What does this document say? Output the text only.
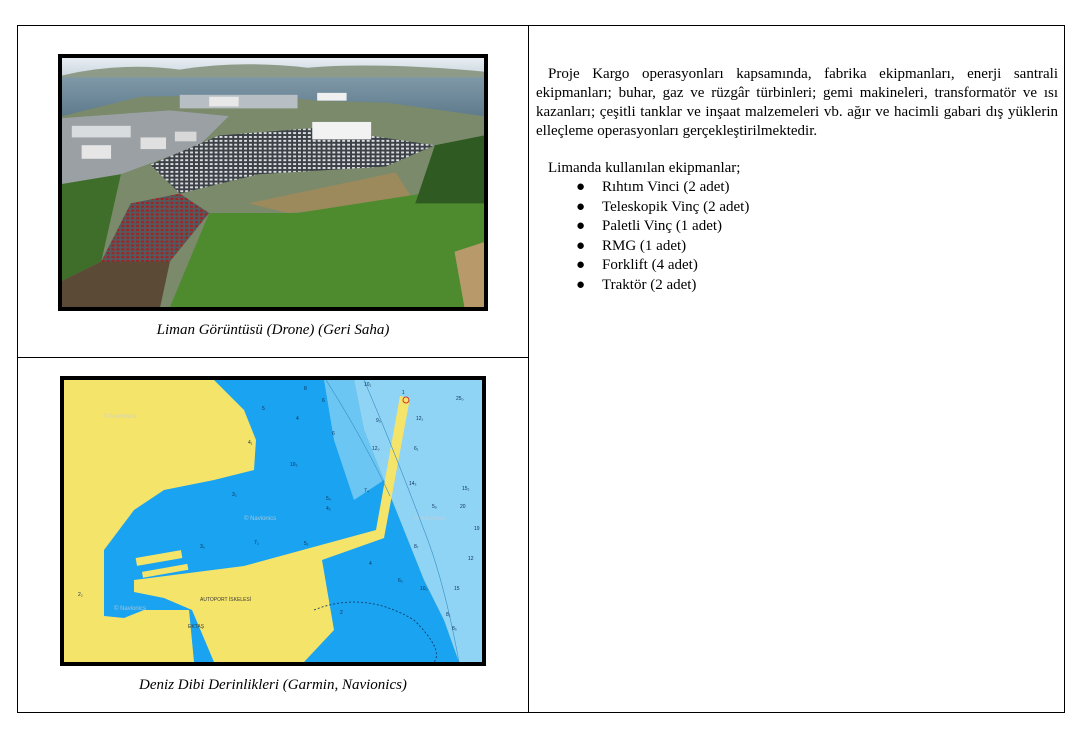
Liman Görüntüsü (Drone) (Geri Saha)
5
8
4
10₁
6
9₃	12₁
3₂
12₀	6₁
7₄
3₀
5₄
7₂
4
5₁
25₀
14₃
5₉
1
6
8₇
15₂
20
10₀
8₁
15
2
4₂
6₂
19
12
4₁
10₃
8₅
2₂
© Navionics
© Navionics	© Navionics
© Navionics
AUTOPORT İSKELESİ
EKTAŞ
Deniz Dibi Derinlikleri (Garmin, Navionics)

Proje Kargo operasyonları kapsamında, fabrika ekipmanları, enerji santrali ekipmanları; buhar, gaz ve rüzgâr türbinleri; gemi makineleri, transformatör ve ısı kazanları; çeşitli tanklar ve inşaat malzemeleri vb. ağır ve hacimli gabari dış yüklerin elleçleme operasyonları gerçekleştirilmektedir.

Limanda kullanılan ekipmanlar;
● Rıhtım Vinci (2 adet)
● Teleskopik Vinç (2 adet)
● Paletli Vinç (1 adet)
● RMG (1 adet)
● Forklift (4 adet)
● Traktör (2 adet)
